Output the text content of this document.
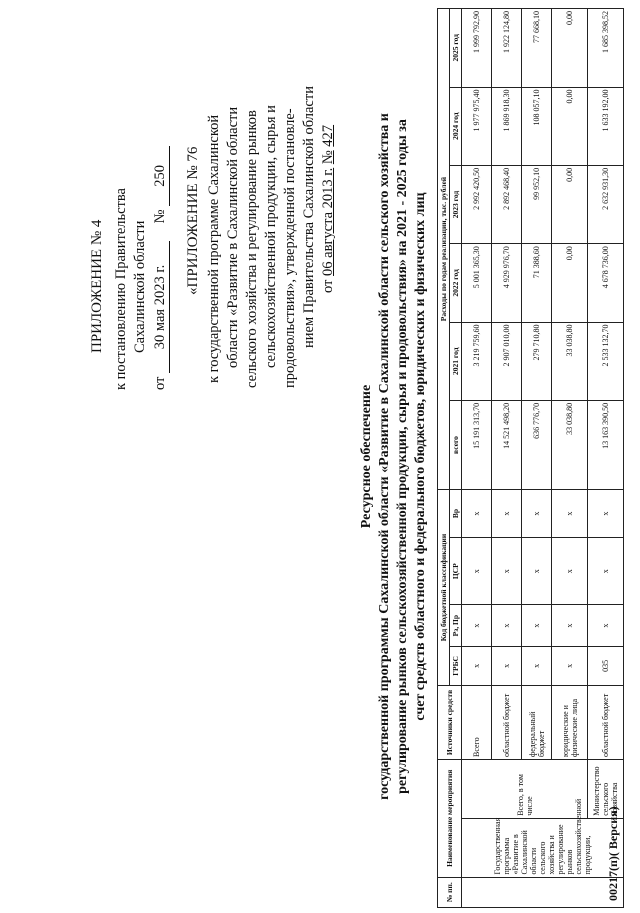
ПРИЛОЖЕНИЕ № 4 к постановлению Правительства Сахалинской области
от 30 мая 2023 г. № 250 «ПРИЛОЖЕНИЕ № 76 к государственной программе Сахалинской области «Развитие в Сахалинской области сельского хозяйства и регулирование рынков сельскохозяйственной продукции, сырья и продовольствия», утвержденной постановле- нием Правительства Сахалинской области от 06 августа 2013 г. № 427
Ресурсное обеспечение государственной программы Сахалинской области «Развитие в Сахалинской области сельского хозяйства и регулирование рынков сельскохозяйственной продукции, сырья и продовольствия» на 2021 - 2025 годы за счет средств областного и федерального бюджетов, юридических и физических лиц
№ пп.	Наименование мероприятия		Источники средств	Код бюджетной классификации				Расходы по годам реализации, тыс. рублей					
				ГРБС	Рз, Пр	ЦСР	Вр	всего	2021 год	2022 год	2023 год	2024 год	2025 год
	Государственная программа «Развитие в Сахалинской области сельского хозяйства и регулирование рынков сельскохозяйственной продукции,	Всего, в том числе	Всего	х	х	х	х	15 191 313,70	3 219 759,60	5 001 365,30	2 992 420,50	1 977 975,40	1 999 792,90
			областной бюджет	х	х	х	х	14 521 498,20	2 907 010,00	4 929 976,70	2 892 468,40	1 869 918,30	1 922 124,80
			федеральный бюджет	х	х	х	х	636 776,70	279 710,80	71 388,60	99 952,10	108 057,10	77 668,10
			юридические и физические лица	х	х	х	х	33 038,80	33 038,80	0,00	0,00	0,00	0,00
		Министерство сельского хозяйства	областной бюджет	035	х	х	х	13 163 390,50	2 533 132,70	4 678 736,00	2 632 931,30	1 633 192,00	1 685 398,52
00217(п)( Версия)
